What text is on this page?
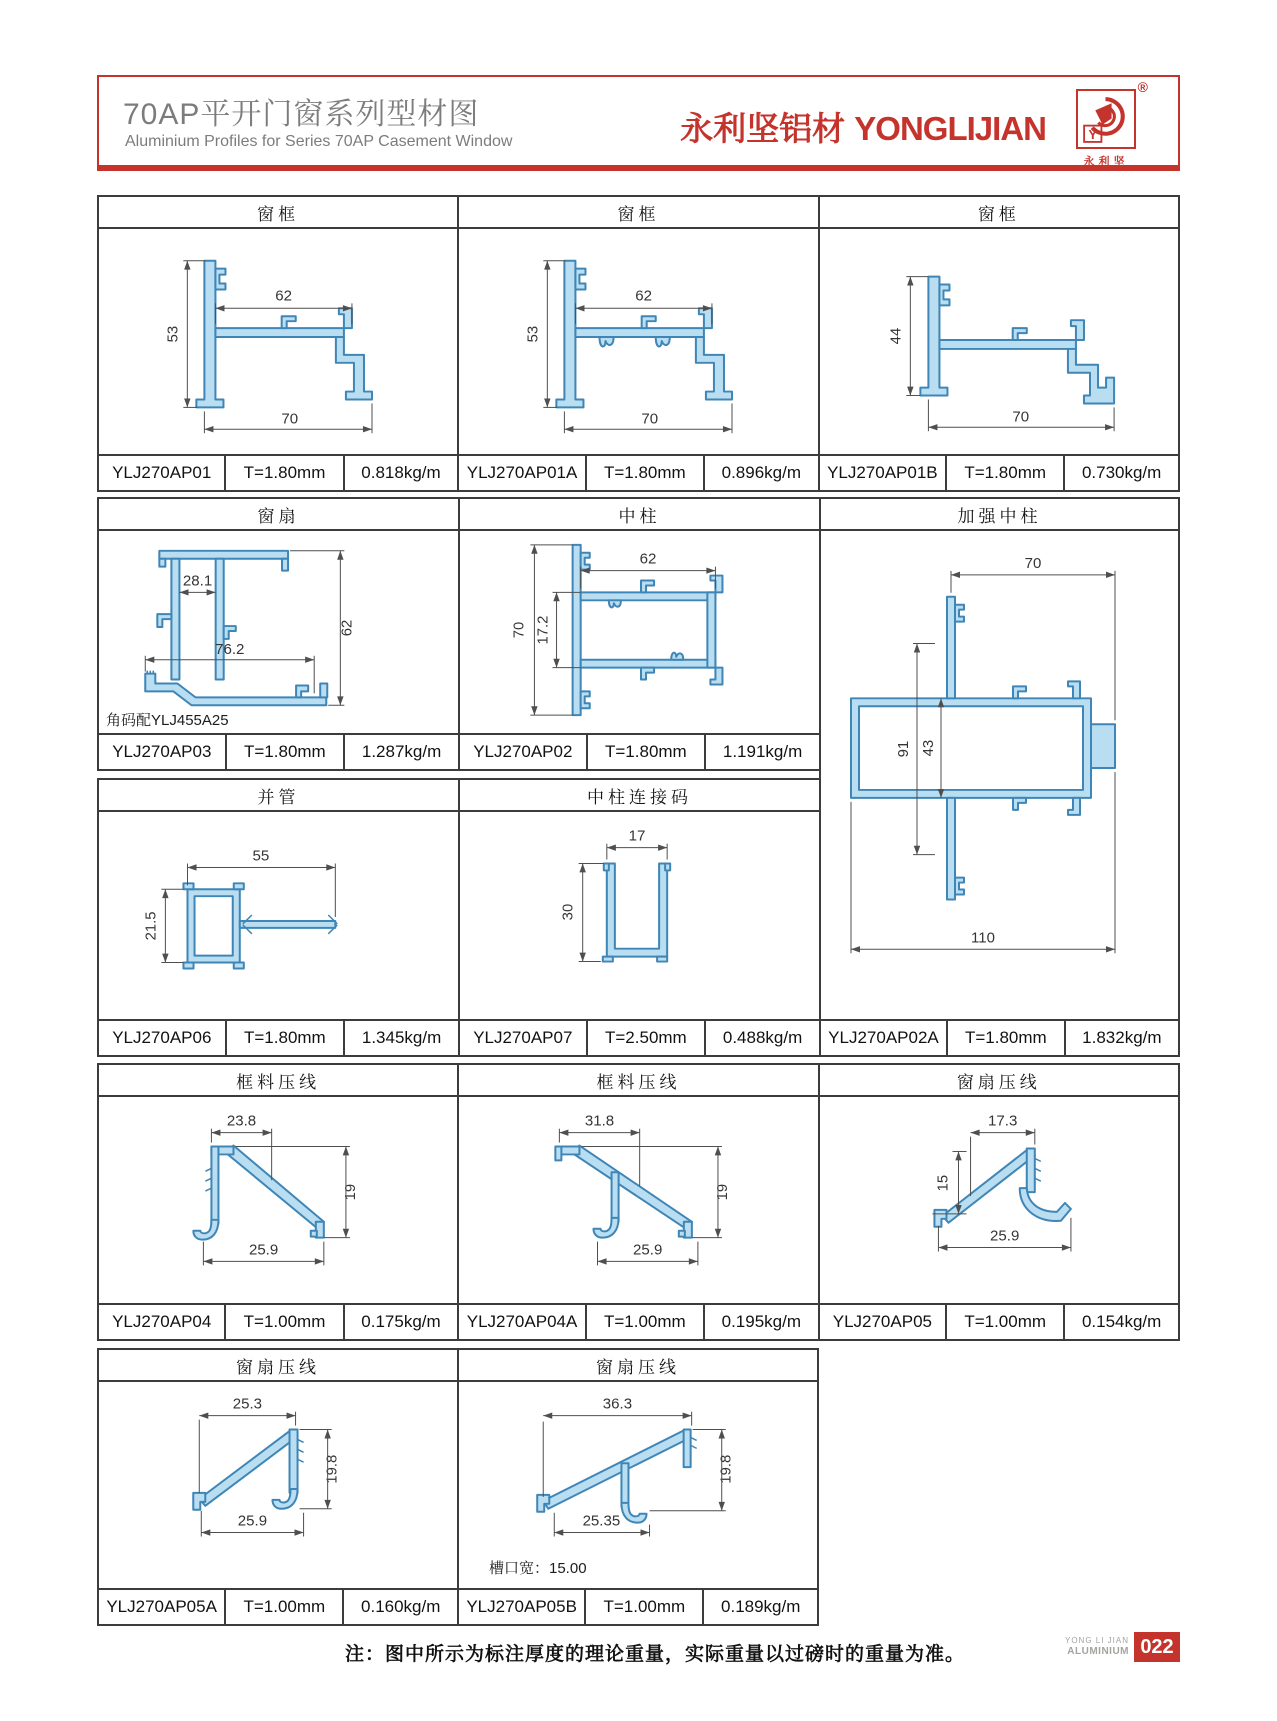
70AP平开门窗系列型材图
Aluminium Profiles for Series 70AP Casement Window	永利坚铝材 YONGLIJIAN	Y
®
永利坚
窗框
62
53
70
YLJ270AP01	T=1.80mm	0.818kg/m
窗框
62
53
70
YLJ270AP01A	T=1.80mm	0.896kg/m
窗框
44
70
YLJ270AP01B	T=1.80mm	0.730kg/m
窗扇
28.1
62
76.2
角码配YLJ455A25
YLJ270AP03	T=1.80mm	1.287kg/m
中柱
62
70 17.2
YLJ270AP02	T=1.80mm	1.191kg/m
加强中柱
70
91 43
110
YLJ270AP02A	T=1.80mm	1.832kg/m
并管
55
21.5
YLJ270AP06	T=1.80mm	1.345kg/m
中柱连接码
17
30
YLJ270AP07	T=2.50mm	0.488kg/m
框料压线
23.8
19
25.9
YLJ270AP04	T=1.00mm	0.175kg/m
框料压线
31.8
19
25.9
YLJ270AP04A	T=1.00mm	0.195kg/m
窗扇压线
17.3
15
25.9
YLJ270AP05	T=1.00mm	0.154kg/m
窗扇压线
25.3
19.8
25.9
YLJ270AP05A	T=1.00mm	0.160kg/m
窗扇压线
36.3
19.8
25.35
槽口宽：15.00
YLJ270AP05B	T=1.00mm	0.189kg/m
注：图中所示为标注厚度的理论重量，实际重量以过磅时的重量为准。
YONG LI JIAN
ALUMINIUM 022
